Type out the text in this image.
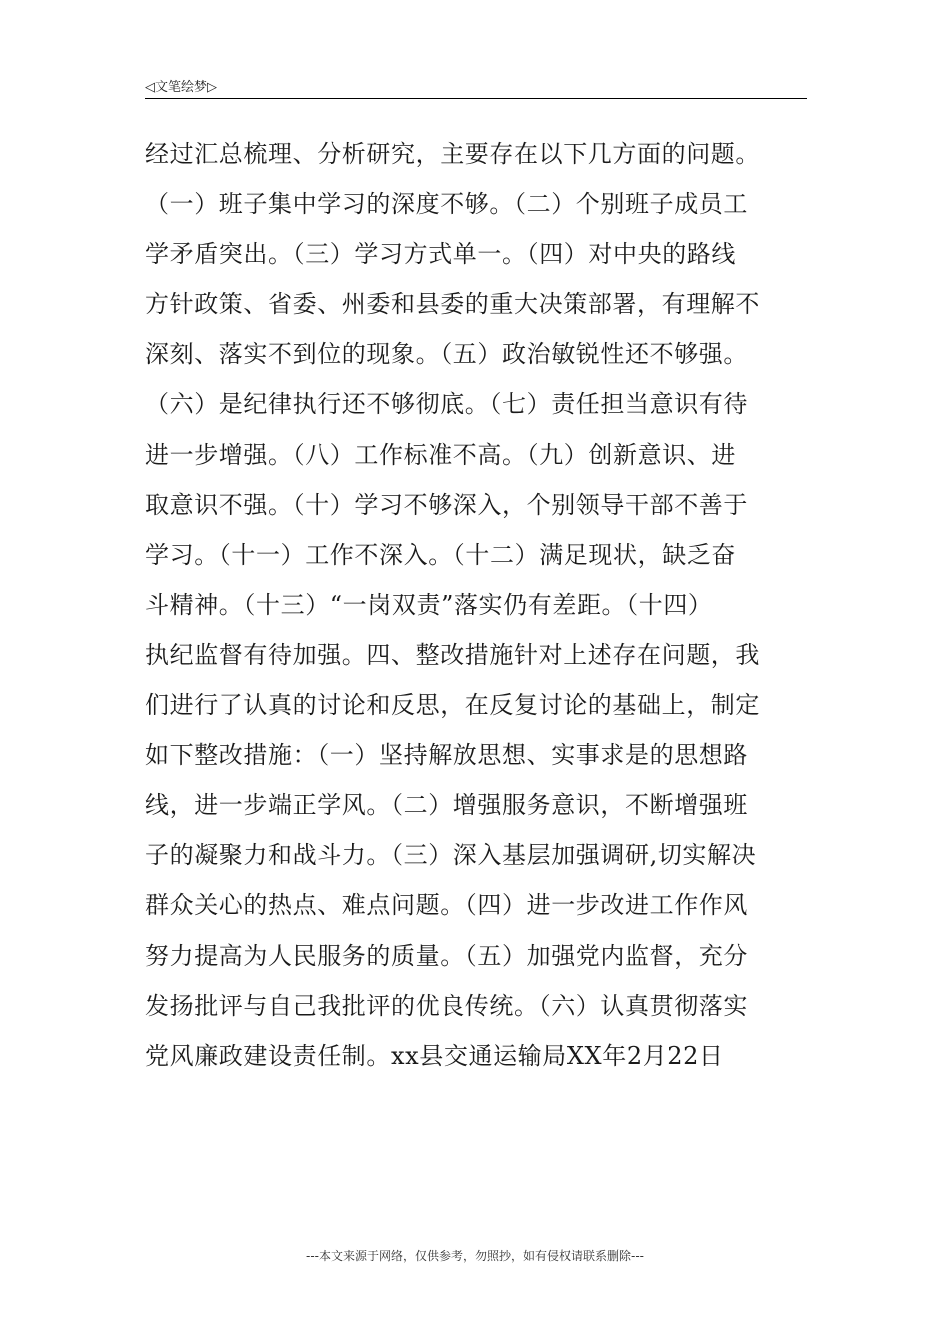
◁文笔绘梦▷
经过汇总梳理、分析研究，主要存在以下几方面的问题。
（一）班子集中学习的深度不够。（二）个别班子成员工
学矛盾突出。（三）学习方式单一。（四）对中央的路线
方针政策、省委、州委和县委的重大决策部署，有理解不
深刻、落实不到位的现象。（五）政治敏锐性还不够强。
（六）是纪律执行还不够彻底。（七）责任担当意识有待
进一步增强。（八）工作标准不高。（九）创新意识、进
取意识不强。（十）学习不够深入，个别领导干部不善于
学习。（十一）工作不深入。（十二）满足现状，缺乏奋
斗精神。（十三）“一岗双责”落实仍有差距。（十四）
执纪监督有待加强。四、整改措施针对上述存在问题，我
们进行了认真的讨论和反思，在反复讨论的基础上，制定
如下整改措施：（一）坚持解放思想、实事求是的思想路
线，进一步端正学风。（二）增强服务意识，不断增强班
子的凝聚力和战斗力。（三）深入基层加强调研,切实解决
群众关心的热点、难点问题。（四）进一步改进工作作风
努力提高为人民服务的质量。（五）加强党内监督，充分
发扬批评与自己我批评的优良传统。（六）认真贯彻落实
党风廉政建设责任制。xx县交通运输局XX年2月22日
---本文来源于网络，仅供参考，勿照抄，如有侵权请联系删除---
